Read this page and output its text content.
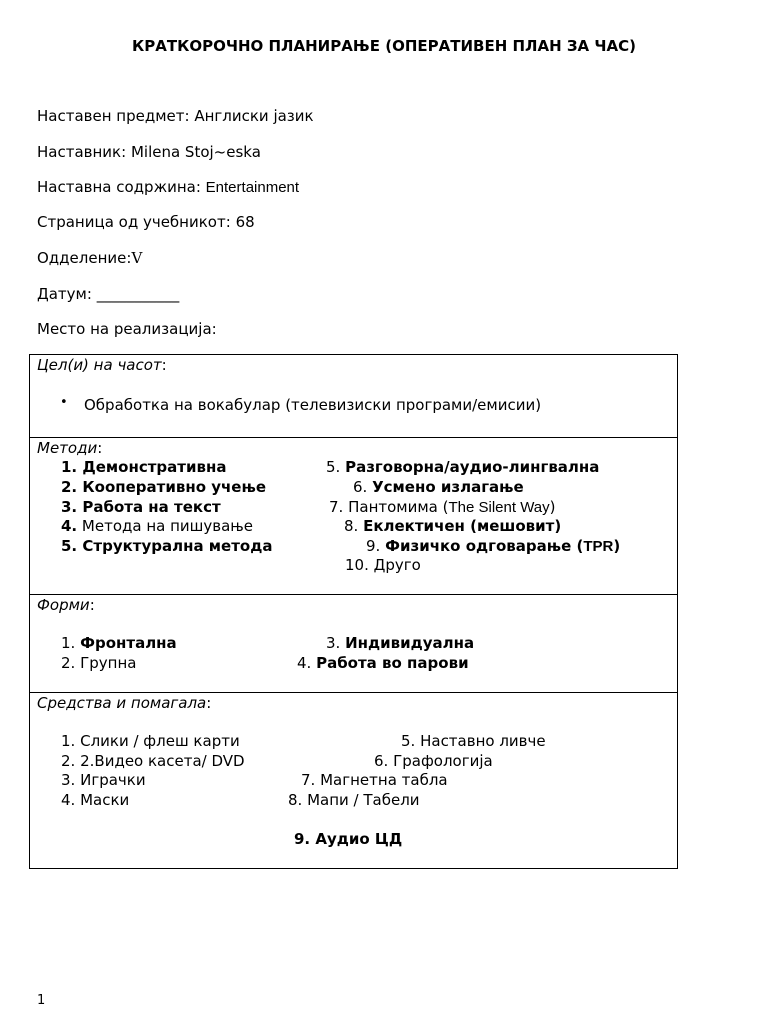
КРАТКОРОЧНО ПЛАНИРАЊЕ (ОПЕРАТИВЕН ПЛАН ЗА ЧАС)
Наставен предмет: Англиски јазик
Наставник: Milena Stoj~eska
Наставна содржина: Entertainment
Страница од учебникот: 68
Одделение:V
Датум: ___________
Место на реализација:
Цел(и) на часот:
• Обработка на вокабулар (телевизиски програми/емисии)
Методи:
1. Демонстративна
2. Кооперативно учење
3. Работа на текст
4. Метода на пишување
5. Структурална метода
5. Разговорна/аудио-лингвална
6. Усмено излагање
7. Пантомима (The Silent Way)
8. Еклектичен (мешовит)
9. Физичко одговарање (TPR)
10. Друго
Форми:
1. Фронтална
2. Групна
3. Индивидуална
4. Работа во парови
Средства и помагала:
1. Слики / флеш карти
2. 2.Видео касета/ DVD
3. Играчки
4. Маски
5. Наставно ливче
6. Графологија
7. Магнетна табла
8. Мапи / Табели
9. Аудио ЦД
1
